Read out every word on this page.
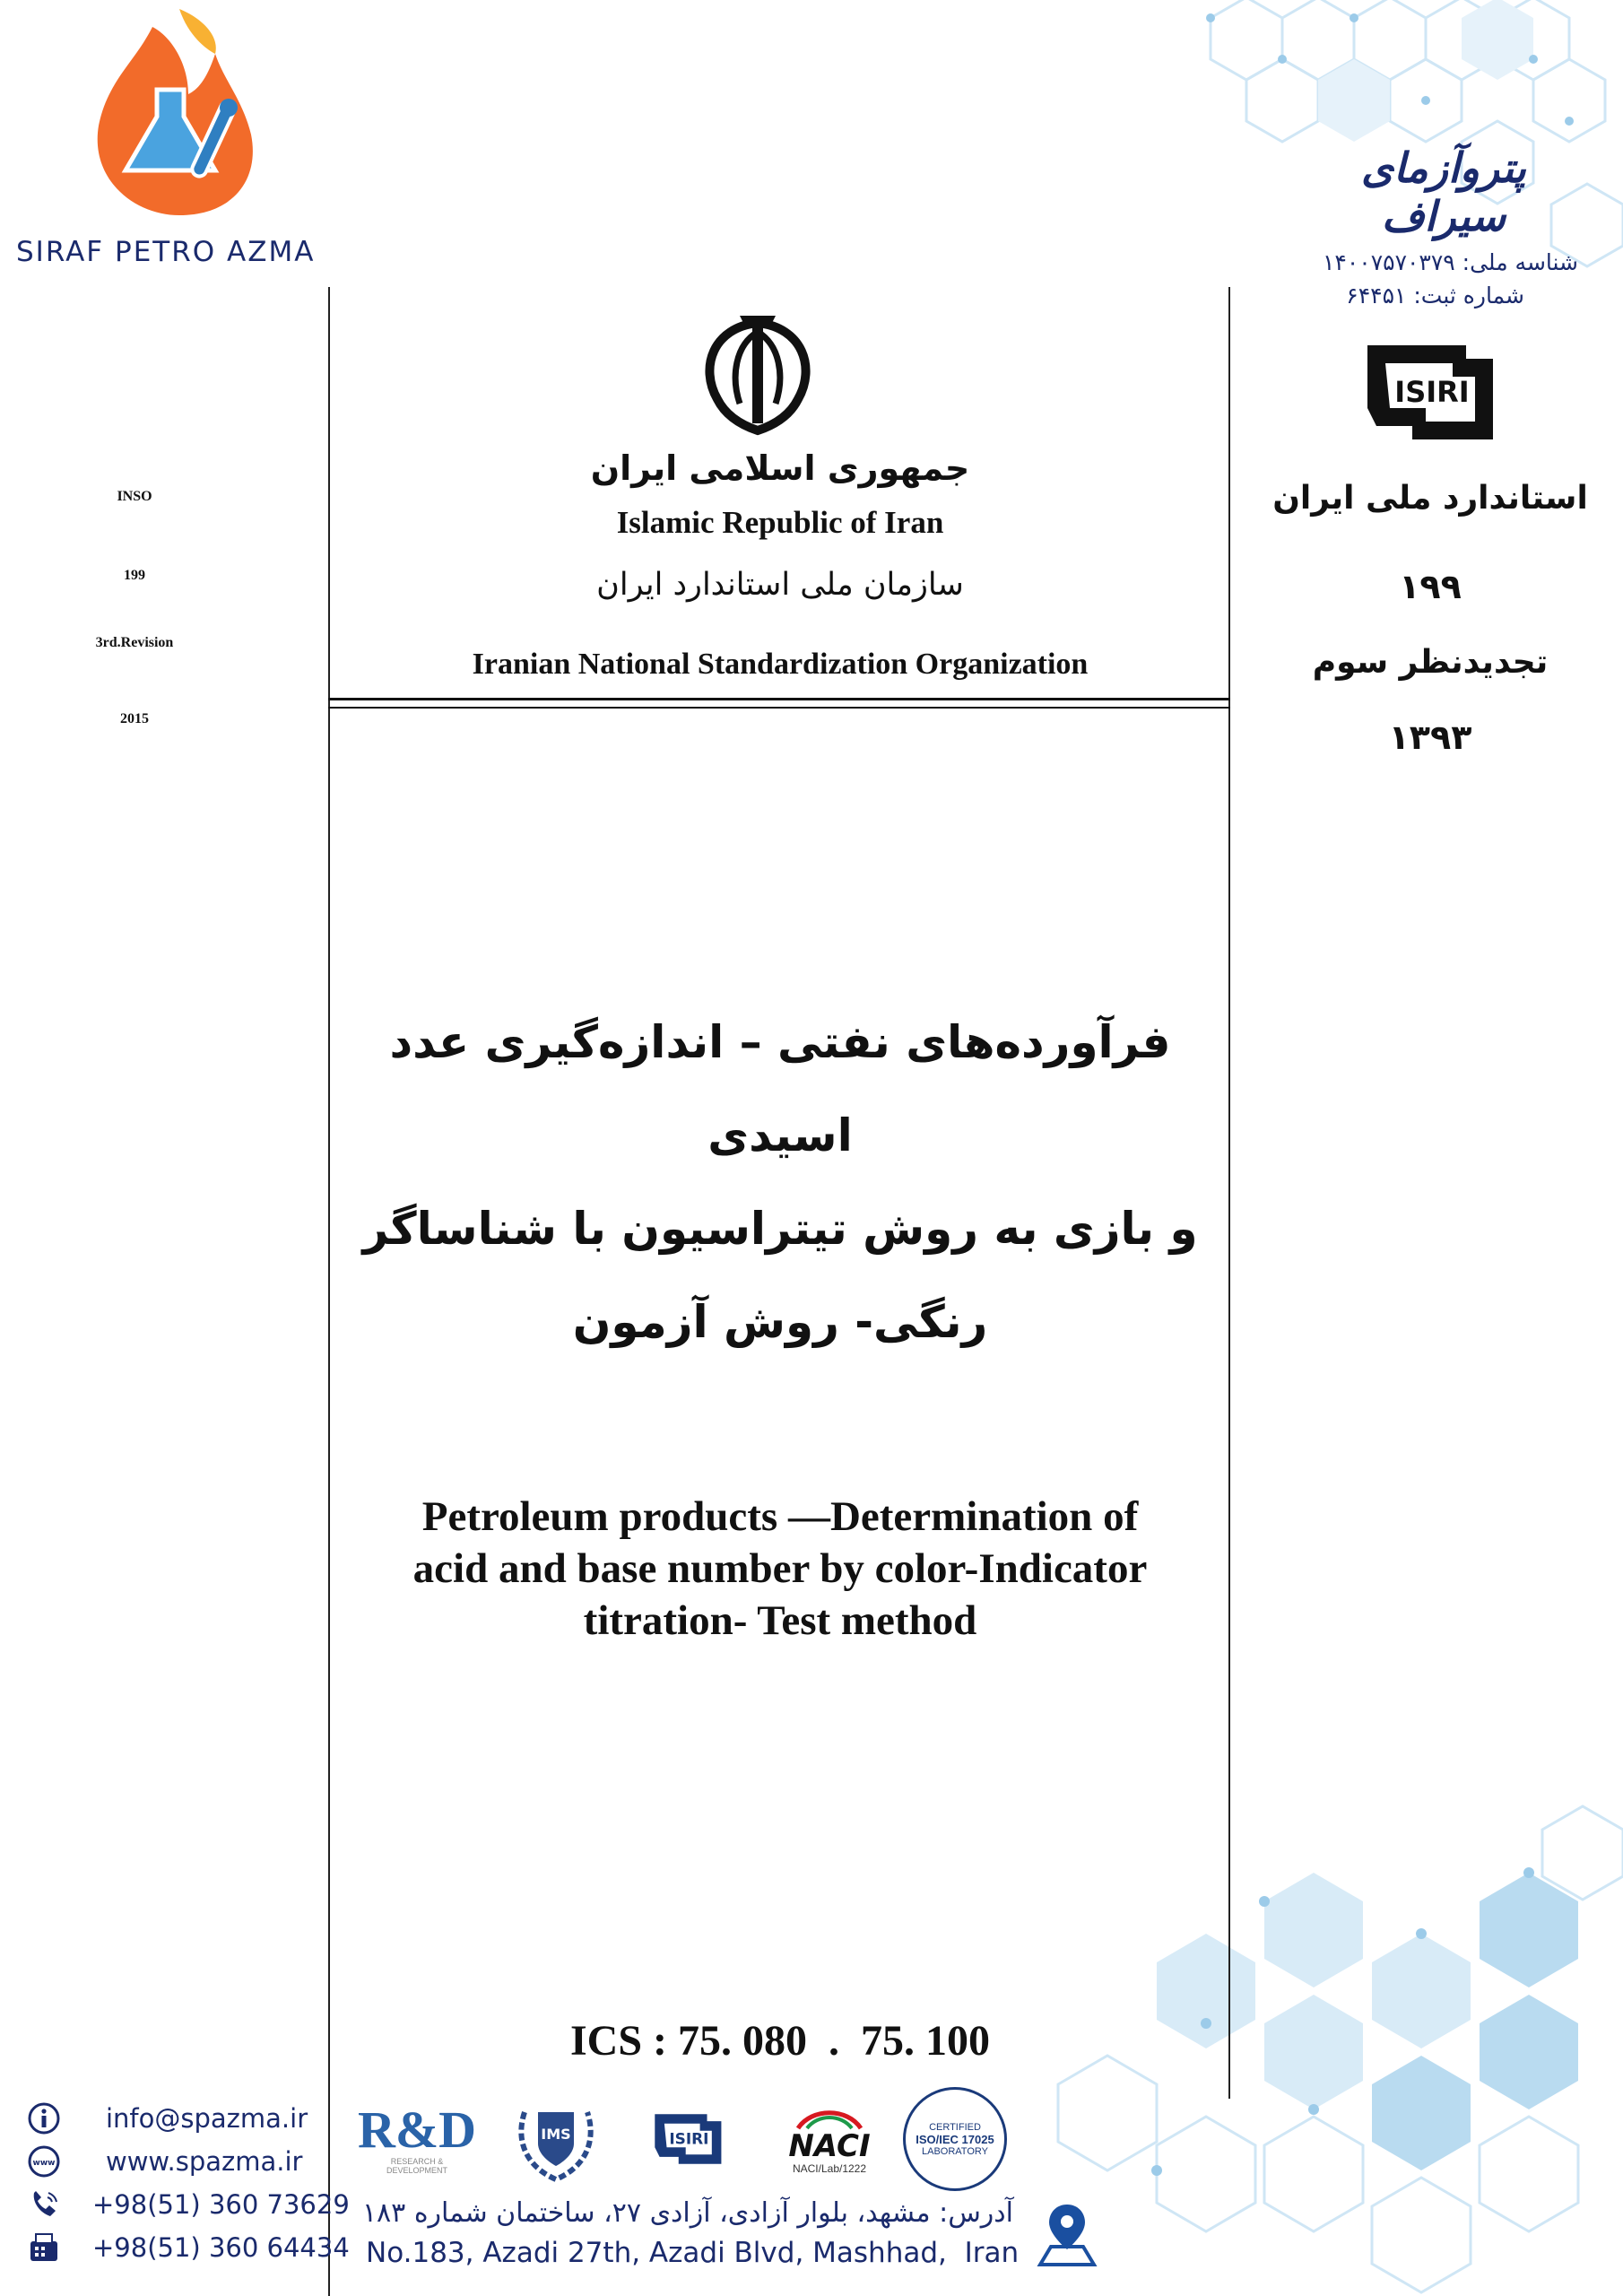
SIRAF PETRO AZMA
پتروآزمای سیراف
شناسه ملی: ۱۴۰۰۷۵۷۰۳۷۹
شماره ثبت: ۶۴۴۵۱
جمهوری اسلامی ایران
Islamic Republic of Iran
سازمان ملی استاندارد ایران
Iranian National Standardization Organization
INSO
199
3rd.Revision
2015
ISIRI
استاندارد ملی ایران
۱۹۹
تجدیدنظر سوم
۱۳۹۳
فرآورده‌های نفتی – اندازه‌گیری عدد اسیدی
و بازی به روش تیتراسیون با شناساگر
رنگی- روش آزمون
Petroleum products —Determination of
acid and base number by color-Indicator
titration- Test method
ICS : 75. 080  .  75. 100
info@spazma.ir
www www.spazma.ir
+98(51) 360 73629
+98(51) 360 64434
R&D
RESEARCH &
DEVELOPMENT
IMS	ISIRI	NACI
NACI/Lab/1222
CERTIFIED
ISO/IEC 17025
LABORATORY
آدرس: مشهد، بلوار آزادی، آزادی ۲۷، ساختمان شماره ۱۸۳
No.183, Azadi 27th, Azadi Blvd, Mashhad,  Iran
